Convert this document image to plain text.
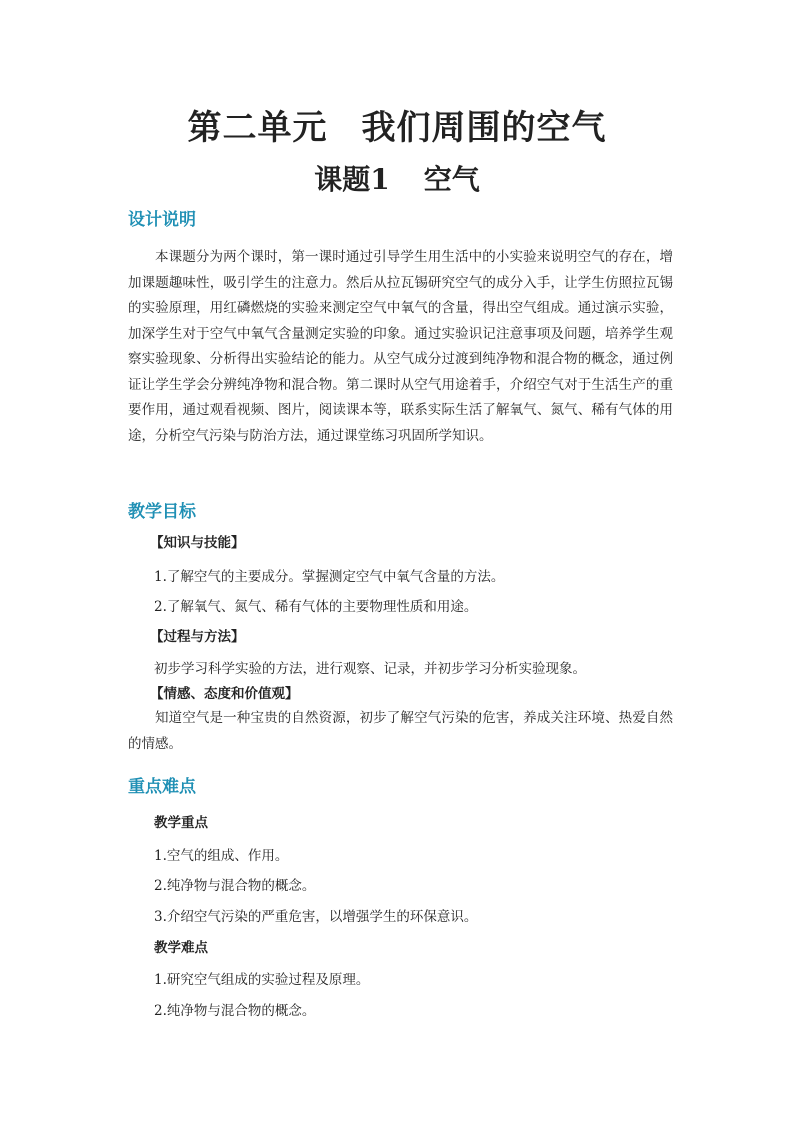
第二单元 我们周围的空气
课题1 空气
设计说明
本课题分为两个课时，第一课时通过引导学生用生活中的小实验来说明空气的存在，增加课题趣味性，吸引学生的注意力。然后从拉瓦锡研究空气的成分入手，让学生仿照拉瓦锡的实验原理，用红磷燃烧的实验来测定空气中氧气的含量，得出空气组成。通过演示实验，加深学生对于空气中氧气含量测定实验的印象。通过实验识记注意事项及问题，培养学生观察实验现象、分析得出实验结论的能力。从空气成分过渡到纯净物和混合物的概念，通过例证让学生学会分辨纯净物和混合物。第二课时从空气用途着手，介绍空气对于生活生产的重要作用，通过观看视频、图片，阅读课本等，联系实际生活了解氧气、氮气、稀有气体的用途，分析空气污染与防治方法，通过课堂练习巩固所学知识。
教学目标
【知识与技能】
1.了解空气的主要成分。掌握测定空气中氧气含量的方法。
2.了解氧气、氮气、稀有气体的主要物理性质和用途。
【过程与方法】
初步学习科学实验的方法，进行观察、记录，并初步学习分析实验现象。
【情感、态度和价值观】
知道空气是一种宝贵的自然资源，初步了解空气污染的危害，养成关注环境、热爱自然的情感。
重点难点
教学重点
1.空气的组成、作用。
2.纯净物与混合物的概念。
3.介绍空气污染的严重危害，以增强学生的环保意识。
教学难点
1.研究空气组成的实验过程及原理。
2.纯净物与混合物的概念。
